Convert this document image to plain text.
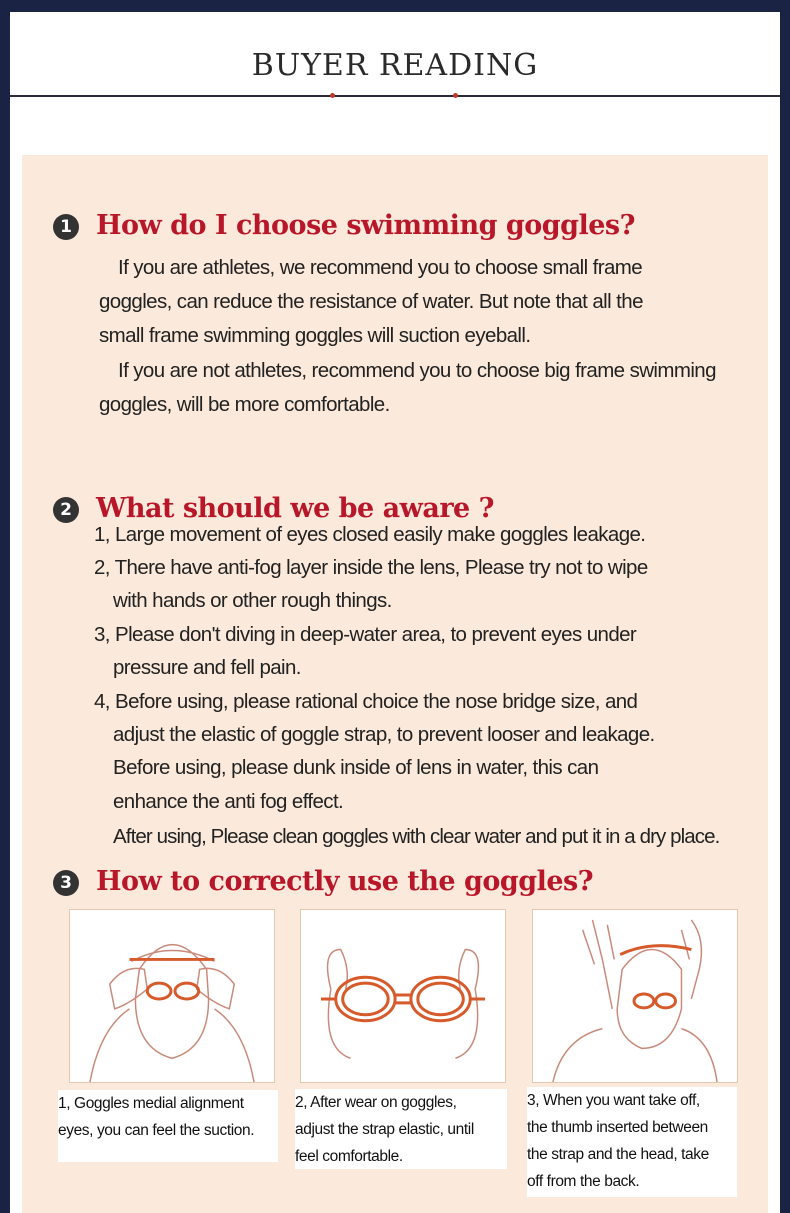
BUYER READING
1 How do I choose swimming goggles?
If you are athletes, we recommend you to choose small frame
goggles, can reduce the resistance of water. But note that all the
small frame swimming goggles will suction eyeball.
If you are not athletes, recommend you to choose big frame swimming
goggles, will be more comfortable.
2 What should we be aware ?
1, Large movement of eyes closed easily make goggles leakage.
2, There have anti-fog layer inside the lens, Please try not to wipe
with hands or other rough things.
3, Please don't diving in deep-water area, to prevent eyes under
pressure and fell pain.
4, Before using, please rational choice the nose bridge size, and
adjust the elastic of goggle strap, to prevent looser and leakage.
Before using, please dunk inside of lens in water, this can
enhance the anti fog effect.
After using, Please clean goggles with clear water and put it in a dry place.
3 How to correctly use the goggles?
1, Goggles medial alignment
eyes, you can feel the suction.
2, After wear on goggles,
adjust the strap elastic, until
feel comfortable.
3, When you want take off,
the thumb inserted between
the strap and the head, take
off from the back.
